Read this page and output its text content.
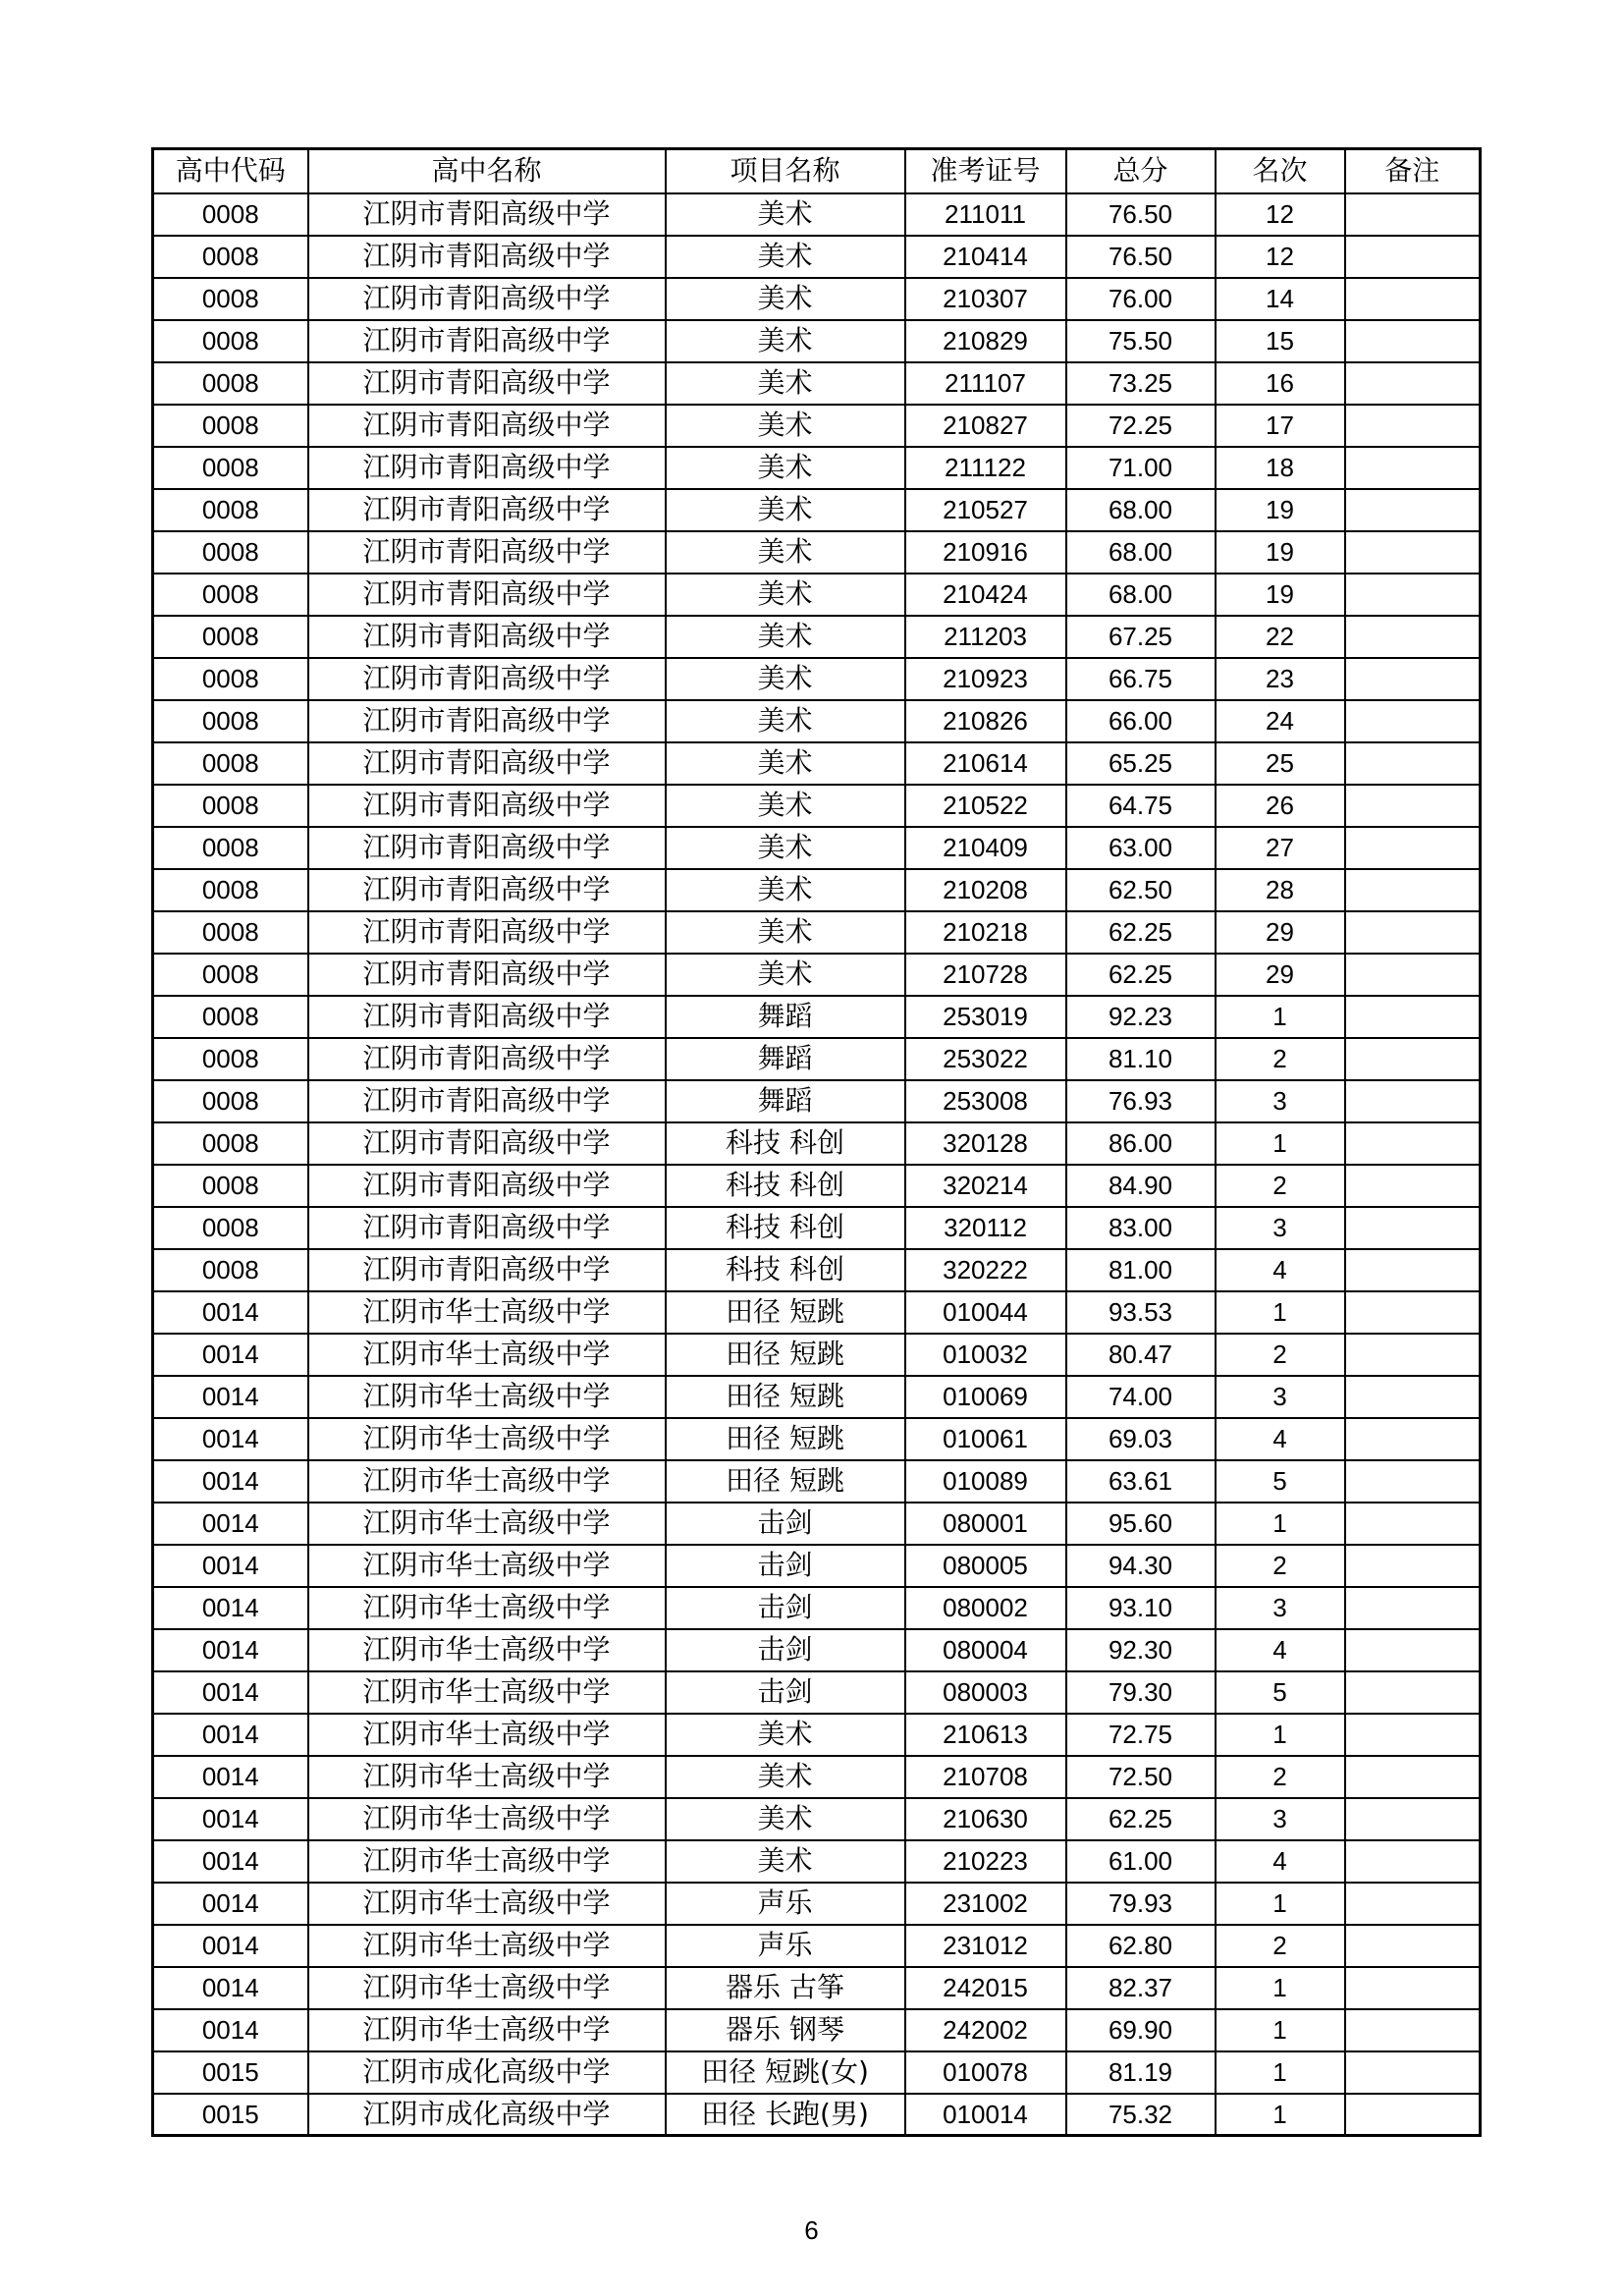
高中代码	高中名称	项目名称	准考证号	总分	名次	备注
0008	江阴市青阳高级中学	美术	211011	76.50	12	
0008	江阴市青阳高级中学	美术	210414	76.50	12	
0008	江阴市青阳高级中学	美术	210307	76.00	14	
0008	江阴市青阳高级中学	美术	210829	75.50	15	
0008	江阴市青阳高级中学	美术	211107	73.25	16	
0008	江阴市青阳高级中学	美术	210827	72.25	17	
0008	江阴市青阳高级中学	美术	211122	71.00	18	
0008	江阴市青阳高级中学	美术	210527	68.00	19	
0008	江阴市青阳高级中学	美术	210916	68.00	19	
0008	江阴市青阳高级中学	美术	210424	68.00	19	
0008	江阴市青阳高级中学	美术	211203	67.25	22	
0008	江阴市青阳高级中学	美术	210923	66.75	23	
0008	江阴市青阳高级中学	美术	210826	66.00	24	
0008	江阴市青阳高级中学	美术	210614	65.25	25	
0008	江阴市青阳高级中学	美术	210522	64.75	26	
0008	江阴市青阳高级中学	美术	210409	63.00	27	
0008	江阴市青阳高级中学	美术	210208	62.50	28	
0008	江阴市青阳高级中学	美术	210218	62.25	29	
0008	江阴市青阳高级中学	美术	210728	62.25	29	
0008	江阴市青阳高级中学	舞蹈	253019	92.23	1	
0008	江阴市青阳高级中学	舞蹈	253022	81.10	2	
0008	江阴市青阳高级中学	舞蹈	253008	76.93	3	
0008	江阴市青阳高级中学	科技 科创	320128	86.00	1	
0008	江阴市青阳高级中学	科技 科创	320214	84.90	2	
0008	江阴市青阳高级中学	科技 科创	320112	83.00	3	
0008	江阴市青阳高级中学	科技 科创	320222	81.00	4	
0014	江阴市华士高级中学	田径 短跳	010044	93.53	1	
0014	江阴市华士高级中学	田径 短跳	010032	80.47	2	
0014	江阴市华士高级中学	田径 短跳	010069	74.00	3	
0014	江阴市华士高级中学	田径 短跳	010061	69.03	4	
0014	江阴市华士高级中学	田径 短跳	010089	63.61	5	
0014	江阴市华士高级中学	击剑	080001	95.60	1	
0014	江阴市华士高级中学	击剑	080005	94.30	2	
0014	江阴市华士高级中学	击剑	080002	93.10	3	
0014	江阴市华士高级中学	击剑	080004	92.30	4	
0014	江阴市华士高级中学	击剑	080003	79.30	5	
0014	江阴市华士高级中学	美术	210613	72.75	1	
0014	江阴市华士高级中学	美术	210708	72.50	2	
0014	江阴市华士高级中学	美术	210630	62.25	3	
0014	江阴市华士高级中学	美术	210223	61.00	4	
0014	江阴市华士高级中学	声乐	231002	79.93	1	
0014	江阴市华士高级中学	声乐	231012	62.80	2	
0014	江阴市华士高级中学	器乐 古筝	242015	82.37	1	
0014	江阴市华士高级中学	器乐 钢琴	242002	69.90	1	
0015	江阴市成化高级中学	田径 短跳(女)	010078	81.19	1	
0015	江阴市成化高级中学	田径 长跑(男)	010014	75.32	1	
6
